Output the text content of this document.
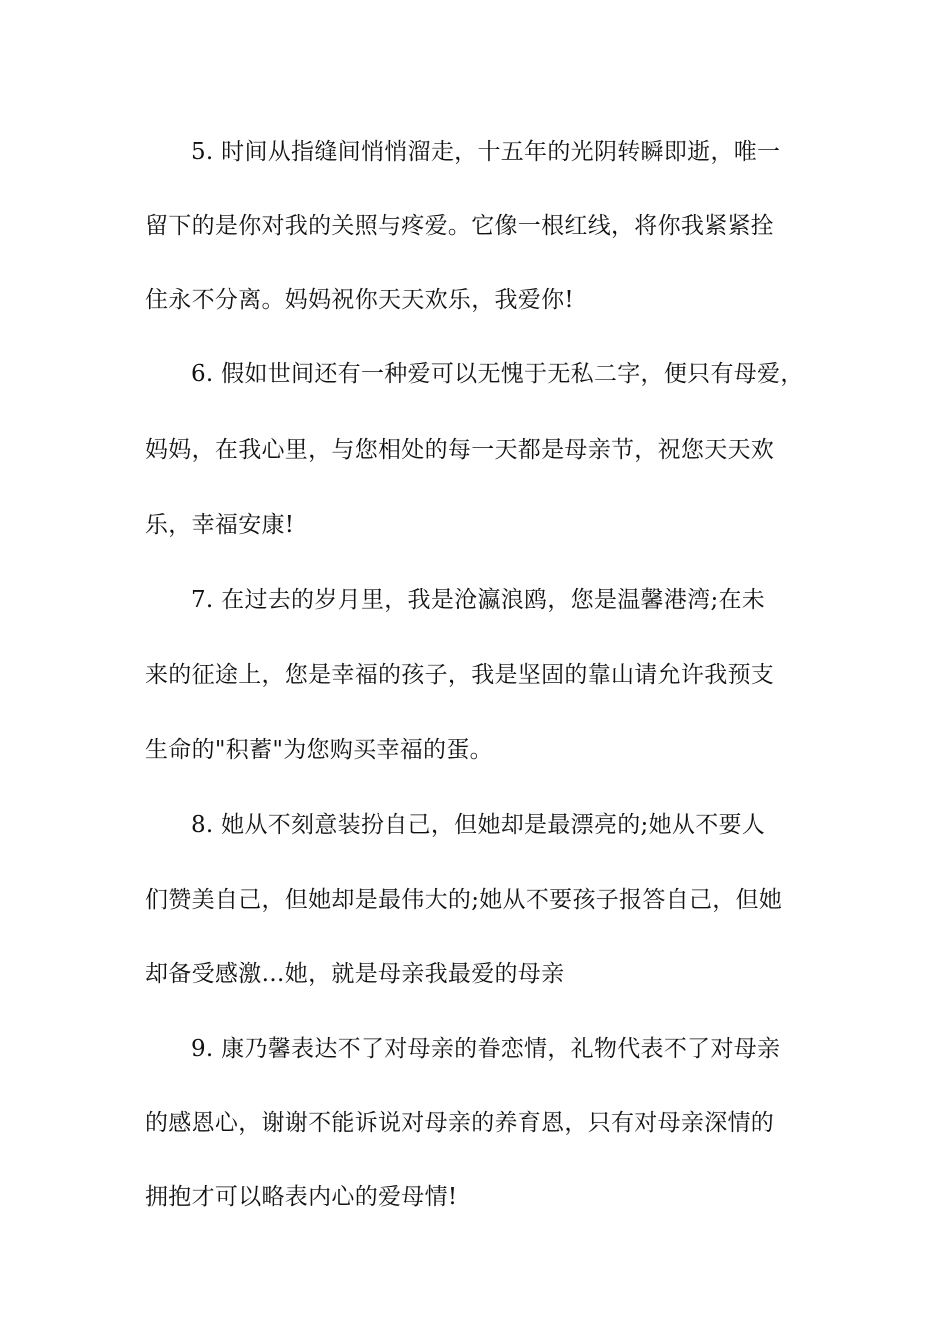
5. 时间从指缝间悄悄溜走，十五年的光阴转瞬即逝，唯一
留下的是你对我的关照与疼爱。它像一根红线，将你我紧紧拴
住永不分离。妈妈祝你天天欢乐，我爱你!
6. 假如世间还有一种爱可以无愧于无私二字，便只有母爱，
妈妈，在我心里，与您相处的每一天都是母亲节，祝您天天欢
乐，幸福安康!
7. 在过去的岁月里，我是沧瀛浪鸥，您是温馨港湾;在未
来的征途上，您是幸福的孩子，我是坚固的靠山请允许我预支
生命的"积蓄"为您购买幸福的蛋。
8. 她从不刻意装扮自己，但她却是最漂亮的;她从不要人
们赞美自己，但她却是最伟大的;她从不要孩子报答自己，但她
却备受感激…她，就是母亲我最爱的母亲
9. 康乃馨表达不了对母亲的眷恋情，礼物代表不了对母亲
的感恩心，谢谢不能诉说对母亲的养育恩，只有对母亲深情的
拥抱才可以略表内心的爱母情!
